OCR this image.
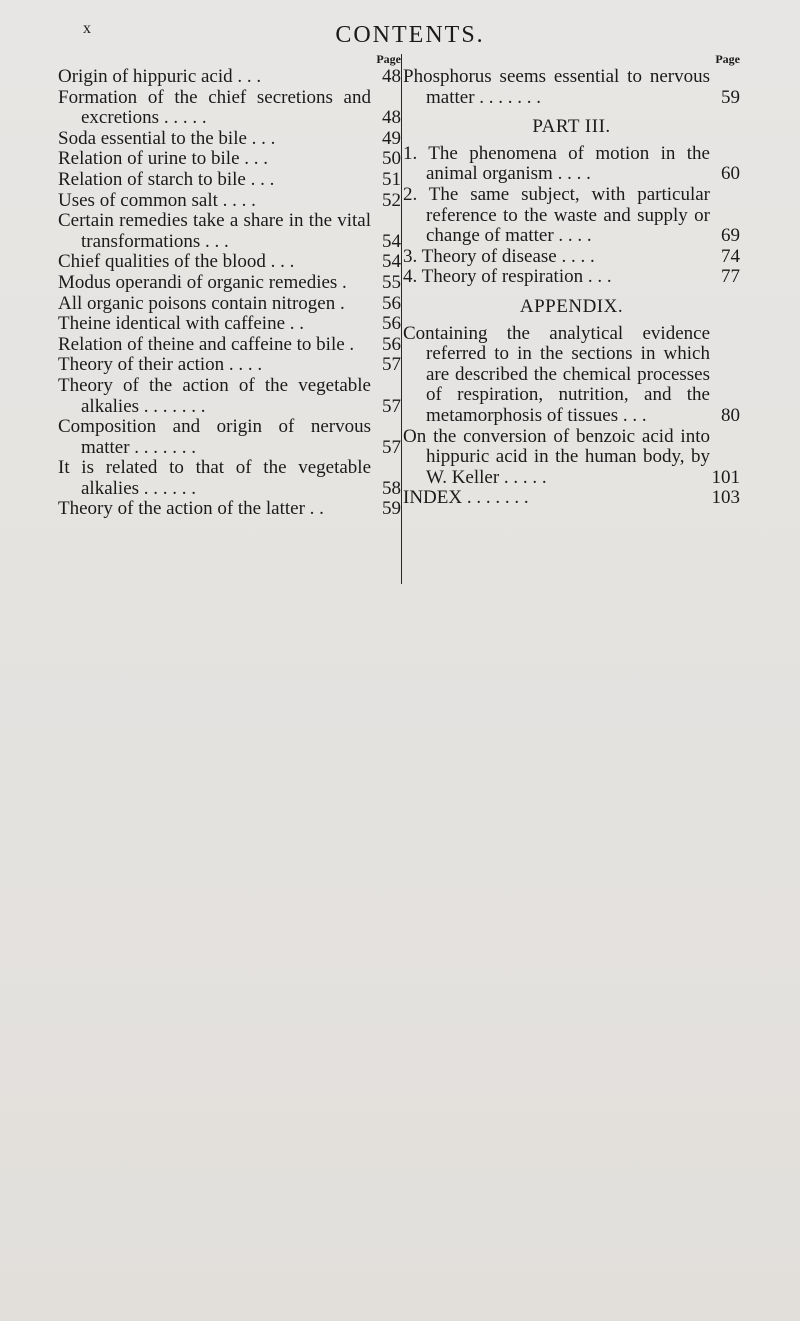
x	CONTENTS.
Page
Origin of hippuric acid . . .	48
Formation of the chief secretions and excretions . . . . .	48
Soda essential to the bile . . .	49
Relation of urine to bile . . .	50
Relation of starch to bile . . .	51
Uses of common salt . . . .	52
Certain remedies take a share in the vital transformations . . .	54
Chief qualities of the blood . . .	54
Modus operandi of organic remedies .	55
All organic poisons contain nitrogen .	56
Theine identical with caffeine . .	56
Relation of theine and caffeine to bile .	56
Theory of their action . . . .	57
Theory of the action of the vegetable alkalies . . . . . . .	57
Composition and origin of nervous matter . . . . . . .	57
It is related to that of the vegetable alkalies . . . . . .	58
Theory of the action of the latter . .	59
Page
Phosphorus seems essential to nervous matter . . . . . . .	59
PART III.
1. The phenomena of motion in the animal organism . . . .	60
2. The same subject, with particular reference to the waste and supply or change of matter . . . .	69
3. Theory of disease . . . .	74
4. Theory of respiration . . .	77
APPENDIX.
Containing the analytical evidence referred to in the sections in which are described the chemical processes of respiration, nutrition, and the metamorphosis of tissues . . .	80
On the conversion of benzoic acid into hippuric acid in the human body, by W. Keller . . . . .	101
INDEX . . . . . . .	103
